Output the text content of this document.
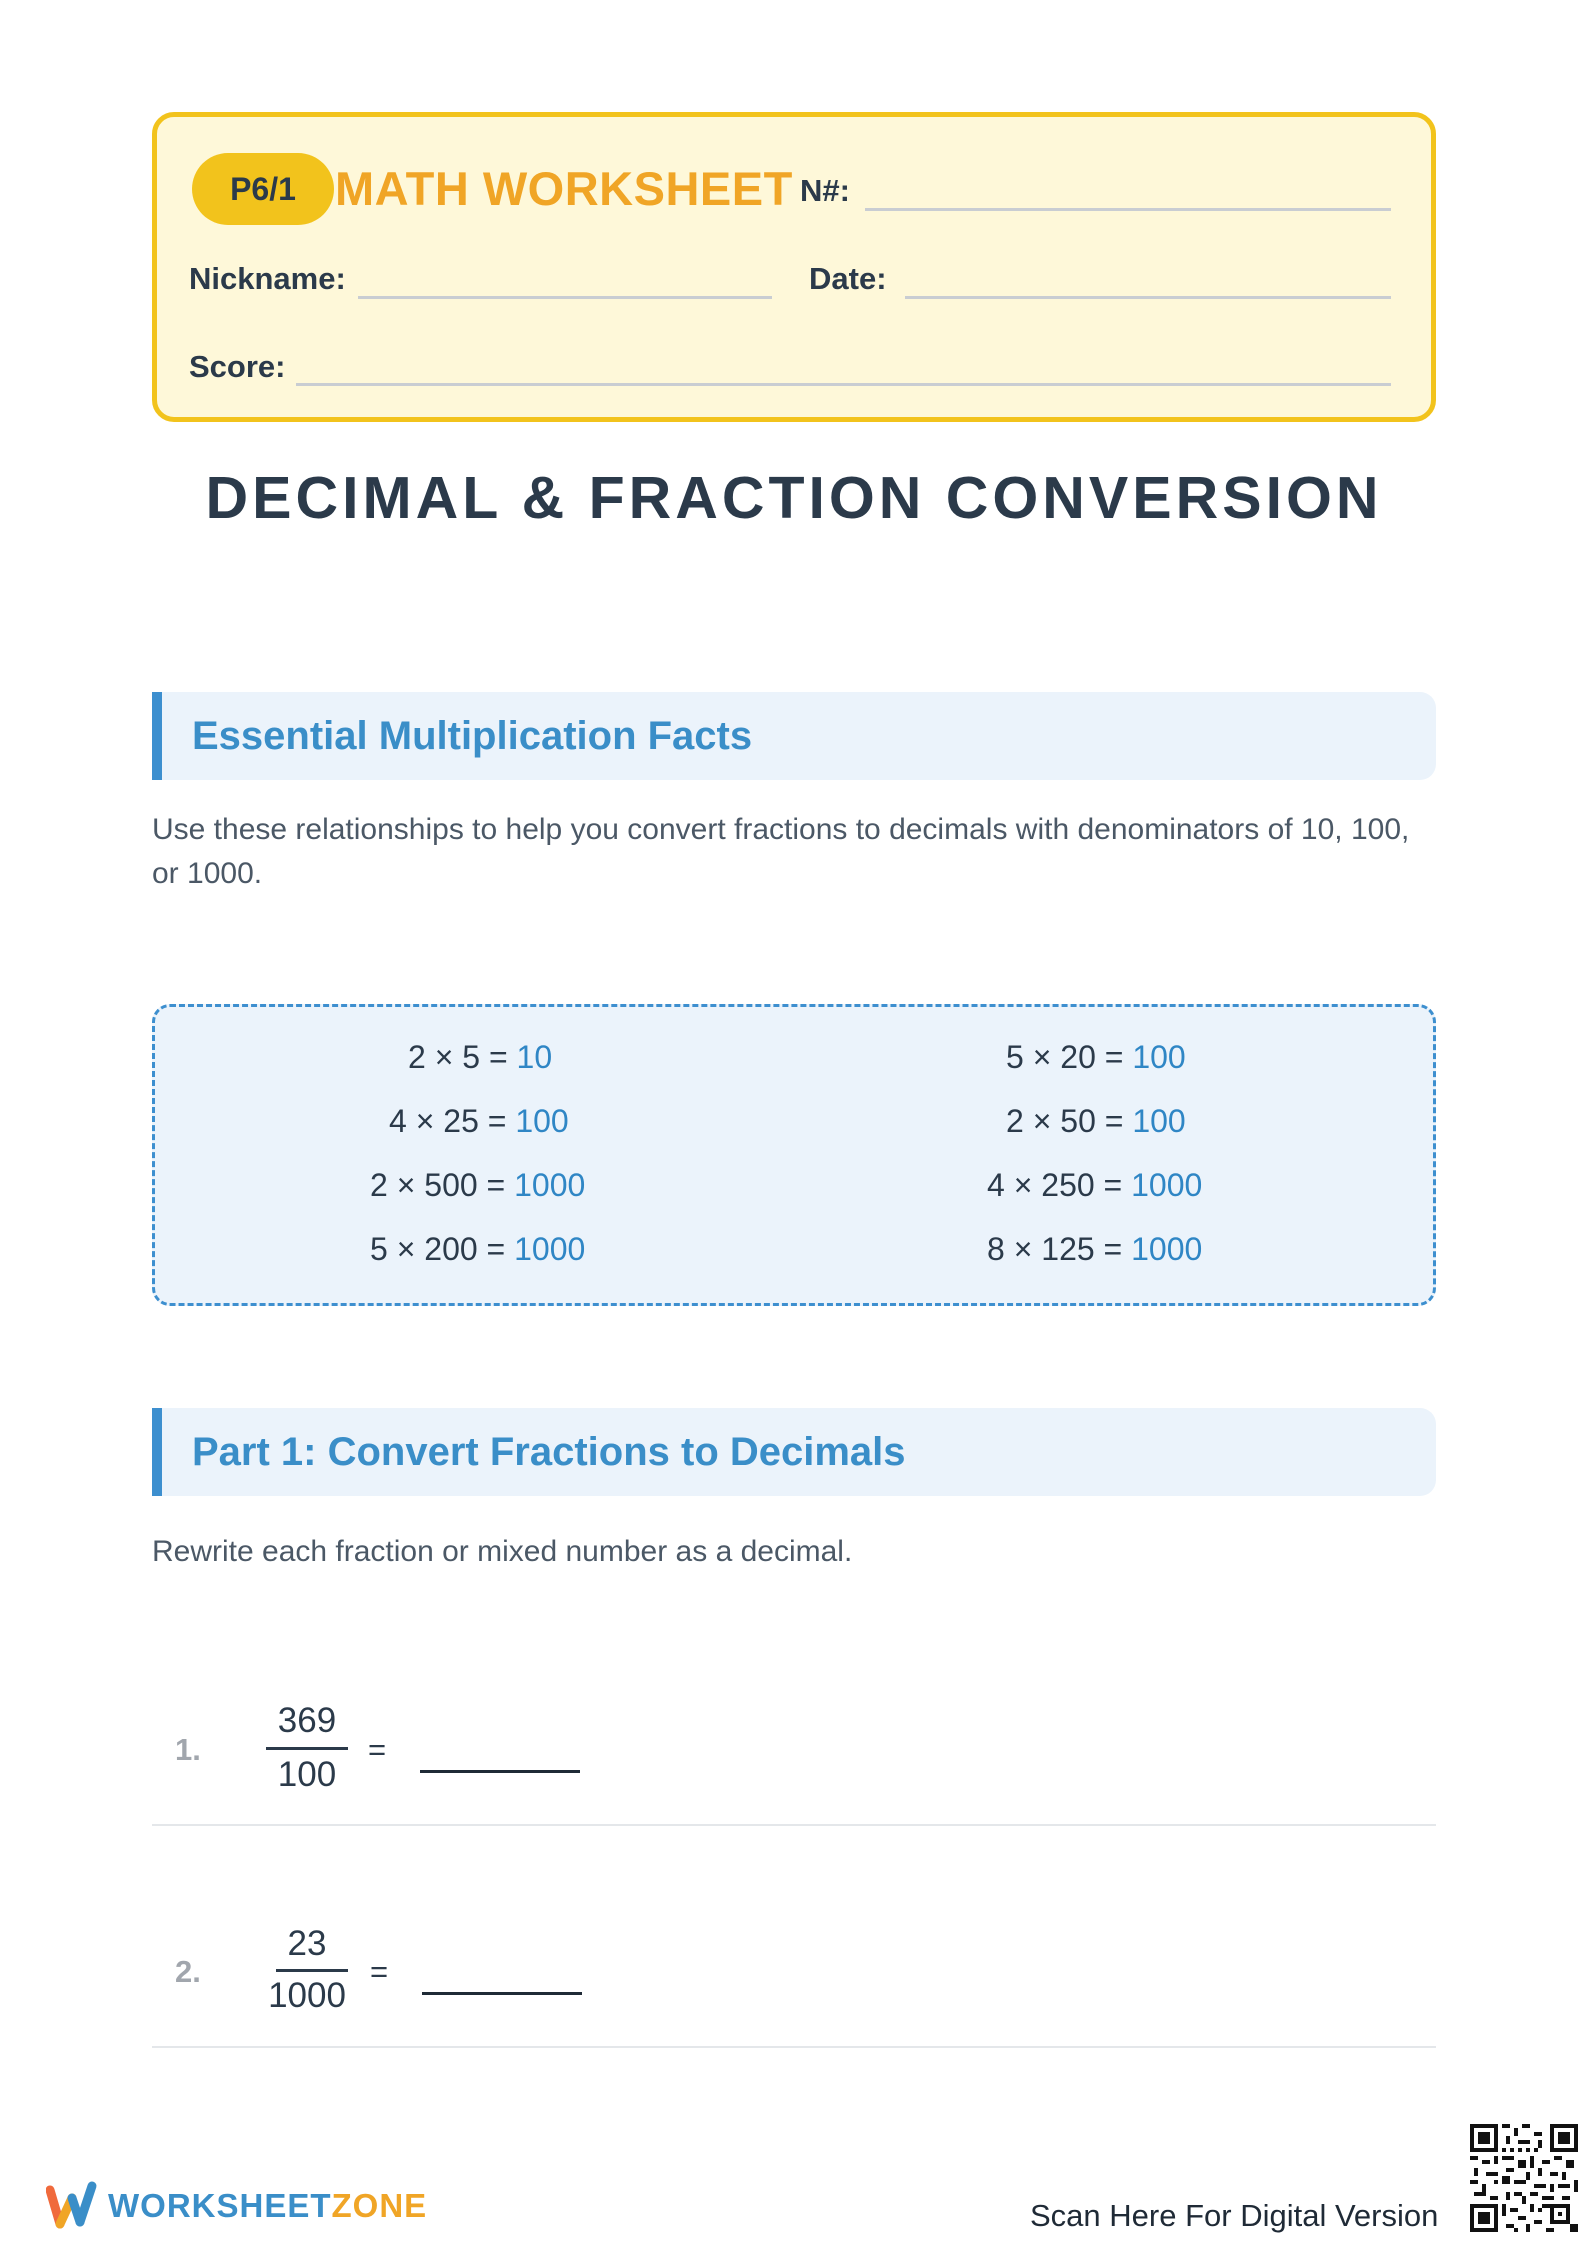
P6/1 MATH WORKSHEET N#:
Nickname:	Date:
Score:
DECIMAL & FRACTION CONVERSION
Essential Multiplication Facts
Use these relationships to help you convert fractions to decimals with denominators of 10, 100, or 1000.
2 × 5 = 10
4 × 25 = 100
2 × 500 = 1000
5 × 200 = 1000
5 × 20 = 100
2 × 50 = 100
4 × 250 = 1000
8 × 125 = 1000
Part 1: Convert Fractions to Decimals
Rewrite each fraction or mixed number as a decimal.
1.
369
100
=
2.
23
1000
=
WORKSHEETZONE	Scan Here For Digital Version
